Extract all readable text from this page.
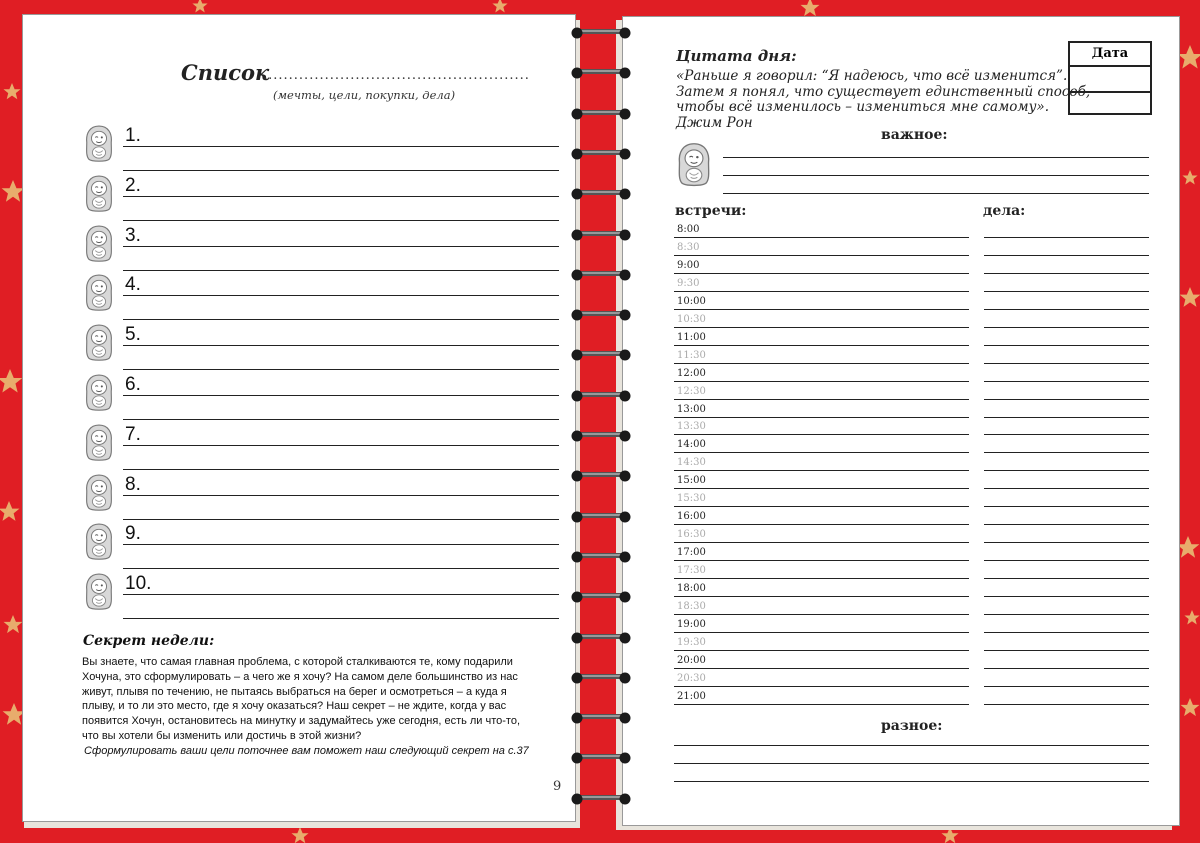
Список
....................................................
(мечты, цели, покупки, дела)
1.
2.
3.
4.
5.
6.
7.
8.
9.
10.
Секрет недели:
Вы знаете, что самая главная проблема, с которой сталкиваются те, кому подарили
Хочуна, это сформулировать – а чего же я хочу? На самом деле большинство из нас
живут, плывя по течению, не пытаясь выбраться на берег и осмотреться – а куда я
плыву, и то ли это место, где я хочу оказаться? Наш секрет – не ждите, когда у вас
появится Хочун, остановитесь на минутку и задумайтесь уже сегодня, есть ли что-то,
что вы хотели бы изменить или достичь в этой жизни?
Сформулировать ваши цели поточнее вам поможет наш следующий секрет на с.37
9
Цитата дня:
«Раньше я говорил: “Я надеюсь, что всё изменится”.
Затем я понял, что существует единственный способ,
чтобы всё изменилось – измениться мне самому».
Джим Рон
Дата
важное:
встречи:	дела:
8:00
8:30
9:00
9:30
10:00
10:30
11:00
11:30
12:00
12:30
13:00
13:30
14:00
14:30
15:00
15:30
16:00
16:30
17:00
17:30
18:00
18:30
19:00
19:30
20:00
20:30
21:00
разное:
